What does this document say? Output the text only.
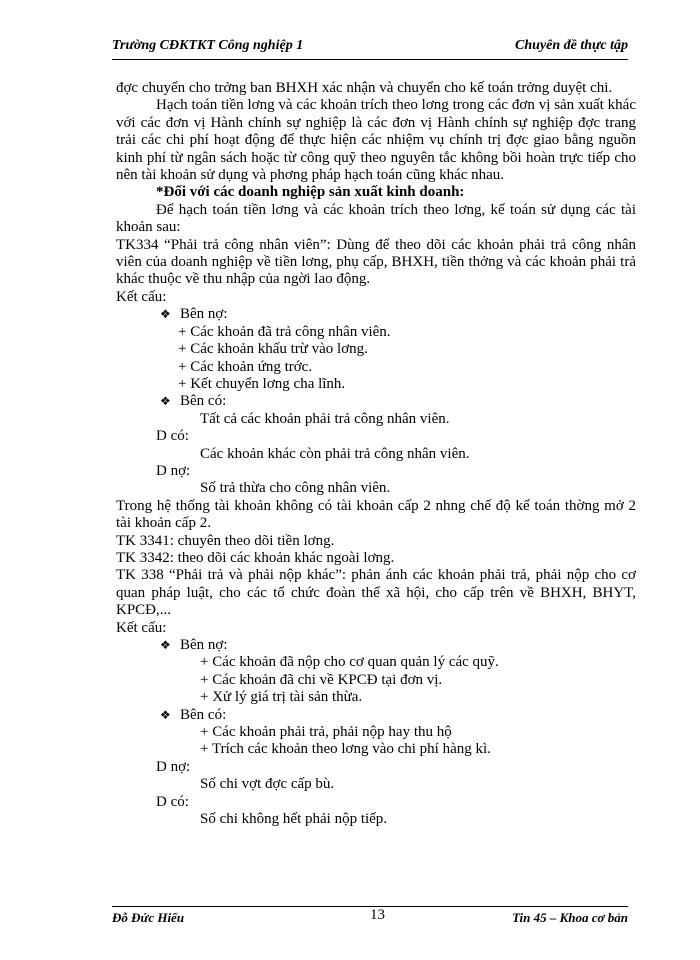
Trường CĐKTKT Công nghiệp 1	Chuyên đề thực tập

đợc chuyển cho trởng ban BHXH xác nhận và chuyển cho kế toán trởng duyệt chi.

Hạch toán tiền lơng và các khoản trích theo lơng trong các đơn vị sản xuất khác với các đơn vị Hành chính sự nghiệp là các đơn vị Hành chính sự nghiệp đợc trang trải các chi phí hoạt động để thực hiện các nhiệm vụ chính trị đợc giao bằng nguồn kinh phí từ ngân sách hoặc từ công quỹ theo nguyên tắc không bồi hoàn trực tiếp cho nên tài khoản sử dụng và phơng pháp hạch toán cũng khác nhau.

*Đối với các doanh nghiệp sản xuất kinh doanh:

Để hạch toán tiền lơng và các khoản trích theo lơng, kế toán sử dụng các tài khoản sau:

TK334 “Phải trả công nhân viên”: Dùng để theo dõi các khoản phải trả công nhân viên của doanh nghiệp về tiền lơng, phụ cấp, BHXH, tiền thởng và các khoản phải trả khác thuộc về thu nhập của ngời lao động.

Kết cấu:

❖ Bên nợ:

+ Các khoản đã trả công nhân viên.

+ Các khoản khấu trừ vào lơng.

+ Các khoản ứng trớc.

+ Kết chuyển lơng cha lĩnh.

❖ Bên có:

Tất cả các khoản phải trả công nhân viên.

D có:

Các khoản khác còn phải trả công nhân viên.

D nợ:

Số trả thừa cho công nhân viên.

Trong hệ thống tài khoản không có tài khoản cấp 2 nhng chế độ kế toán thờng mở 2 tài khoản cấp 2.

TK 3341: chuyên theo dõi tiền lơng.

TK 3342: theo dõi các khoản khác ngoài lơng.

TK 338 “Phải trả và phải nộp khác”: phản ánh các khoản phải trả, phải nộp cho cơ quan pháp luật, cho các tổ chức đoàn thể xã hội, cho cấp trên về BHXH, BHYT, KPCĐ,...

Kết cấu:

❖ Bên nợ:

+ Các khoản đã nộp cho cơ quan quản lý các quỹ.

+ Các khoản đã chi về KPCĐ tại đơn vị.

+ Xử lý giá trị tài sản thừa.

❖ Bên có:

+ Các khoản phải trả, phải nộp hay thu hộ

+ Trích các khoản theo lơng vào chi phí hàng kì.

D nợ:

Số chi vợt đợc cấp bù.

D có:

Số chi không hết phải nộp tiếp.

Đỗ Đức Hiếu	13	Tin 45 – Khoa cơ bản
